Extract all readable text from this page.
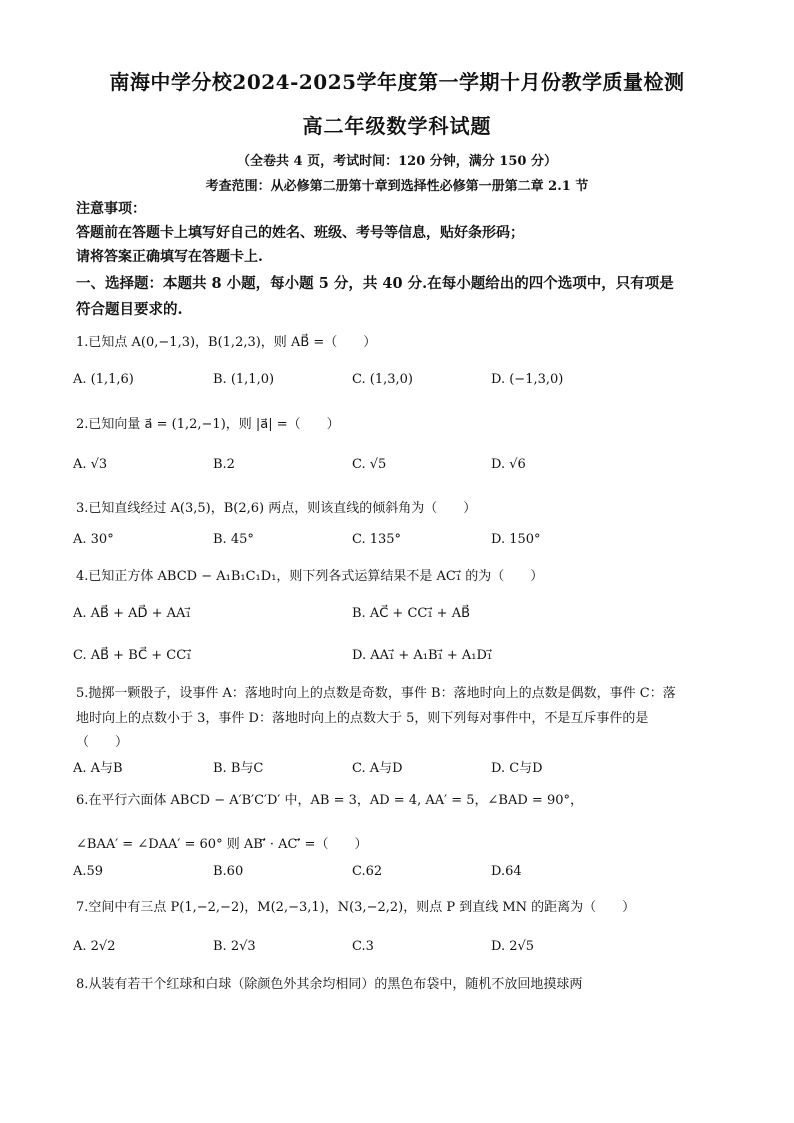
南海中学分校2024-2025学年度第一学期十月份教学质量检测
高二年级数学科试题
（全卷共 4 页，考试时间：120 分钟，满分 150 分）
考查范围：从必修第二册第十章到选择性必修第一册第二章 2.1 节
注意事项：
答题前在答题卡上填写好自己的姓名、班级、考号等信息，贴好条形码；
请将答案正确填写在答题卡上.
一、选择题：本题共 8 小题，每小题 5 分，共 40 分.在每小题给出的四个选项中，只有项是
符合题目要求的.
1.已知点 A(0,−1,3)，B(1,2,3)，则 AB⃗ =（　　）
A. (1,1,6)	B. (1,1,0)	C. (1,3,0)	D. (−1,3,0)
2.已知向量 a⃗ = (1,2,−1)，则 |a⃗| =（　　）
A. √3	B.2	C. √5	D. √6
3.已知直线经过 A(3,5)，B(2,6) 两点，则该直线的倾斜角为（　　）
A. 30°	B. 45°	C. 135°	D. 150°
4.已知正方体 ABCD − A₁B₁C₁D₁，则下列各式运算结果不是 AC₁⃗ 的为（　　）
A. AB⃗ + AD⃗ + AA₁⃗	B. AC⃗ + CC₁⃗ + AB⃗
C. AB⃗ + BC⃗ + CC₁⃗	D. AA₁⃗ + A₁B₁⃗ + A₁D₁⃗
5.抛掷一颗骰子，设事件 A：落地时向上的点数是奇数，事件 B：落地时向上的点数是偶数，事件 C：落
地时向上的点数小于 3，事件 D：落地时向上的点数大于 5，则下列每对事件中，不是互斥事件的是
（　　）
A. A与B	B. B与C	C. A与D	D. C与D
6.在平行六面体 ABCD − A′B′C′D′ 中，AB = 3，AD = 4, AA′ = 5，∠BAD = 90°，
∠BAA′ = ∠DAA′ = 60° 则 AB′⃗ · AC′⃗ =（　　）
A.59	B.60	C.62	D.64
7.空间中有三点 P(1,−2,−2)，M(2,−3,1)，N(3,−2,2)，则点 P 到直线 MN 的距离为（　　）
A. 2√2	B. 2√3	C.3	D. 2√5
8.从装有若干个红球和白球（除颜色外其余均相同）的黑色布袋中，随机不放回地摸球两
